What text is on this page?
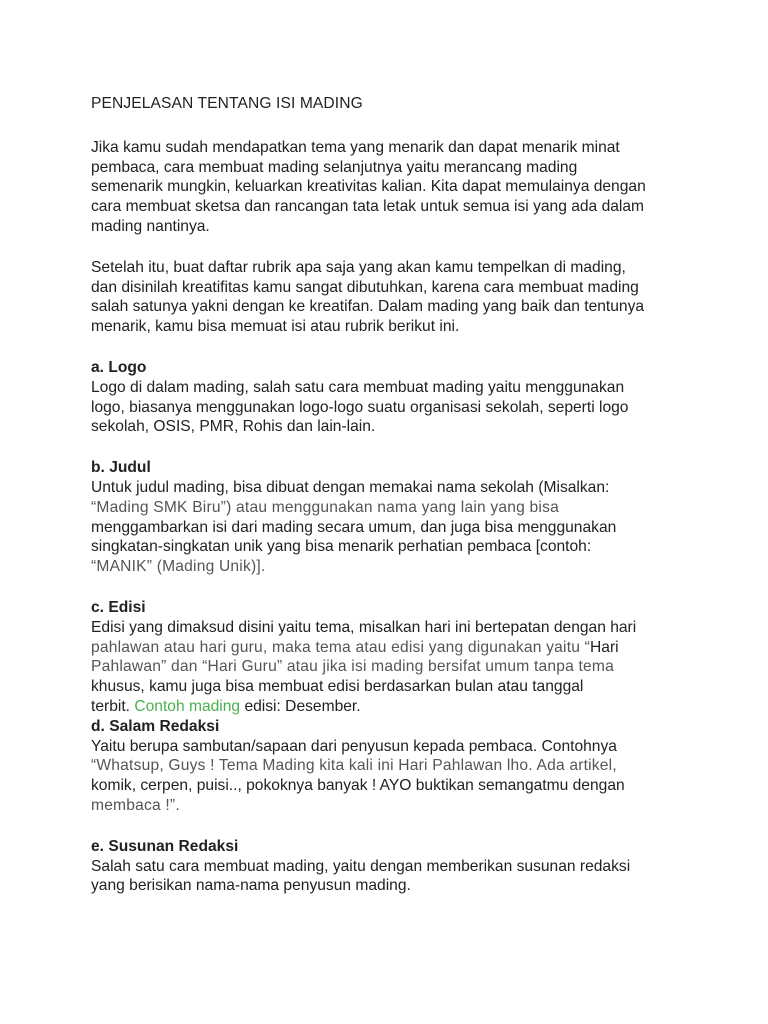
PENJELASAN TENTANG ISI MADING
Jika kamu sudah mendapatkan tema yang menarik dan dapat menarik minat
pembaca, cara membuat mading selanjutnya yaitu merancang mading
semenarik mungkin, keluarkan kreativitas kalian. Kita dapat memulainya dengan
cara membuat sketsa dan rancangan tata letak untuk semua isi yang ada dalam
mading nantinya.
Setelah itu, buat daftar rubrik apa saja yang akan kamu tempelkan di mading,
dan disinilah kreatifitas kamu sangat dibutuhkan, karena cara membuat mading
salah satunya yakni dengan ke kreatifan. Dalam mading yang baik dan tentunya
menarik, kamu bisa memuat isi atau rubrik berikut ini.
a. Logo
Logo di dalam mading, salah satu cara membuat mading yaitu menggunakan
logo, biasanya menggunakan logo-logo suatu organisasi sekolah, seperti logo
sekolah, OSIS, PMR, Rohis dan lain-lain.
b. Judul
Untuk judul mading, bisa dibuat dengan memakai nama sekolah (Misalkan:
“Mading SMK Biru”) atau menggunakan nama yang lain yang bisa
menggambarkan isi dari mading secara umum, dan juga bisa menggunakan
singkatan-singkatan unik yang bisa menarik perhatian pembaca [contoh:
“MANIK” (Mading Unik)].
c. Edisi
Edisi yang dimaksud disini yaitu tema, misalkan hari ini bertepatan dengan hari
pahlawan atau hari guru, maka tema atau edisi yang digunakan yaitu “Hari
Pahlawan” dan “Hari Guru” atau jika isi mading bersifat umum tanpa tema
khusus, kamu juga bisa membuat edisi berdasarkan bulan atau tanggal
terbit. Contoh mading edisi: Desember.
d. Salam Redaksi
Yaitu berupa sambutan/sapaan dari penyusun kepada pembaca. Contohnya
“Whatsup, Guys ! Tema Mading kita kali ini Hari Pahlawan lho. Ada artikel,
komik, cerpen, puisi.., pokoknya banyak ! AYO buktikan semangatmu dengan
membaca !”.
e. Susunan Redaksi
Salah satu cara membuat mading, yaitu dengan memberikan susunan redaksi
yang berisikan nama-nama penyusun mading.
